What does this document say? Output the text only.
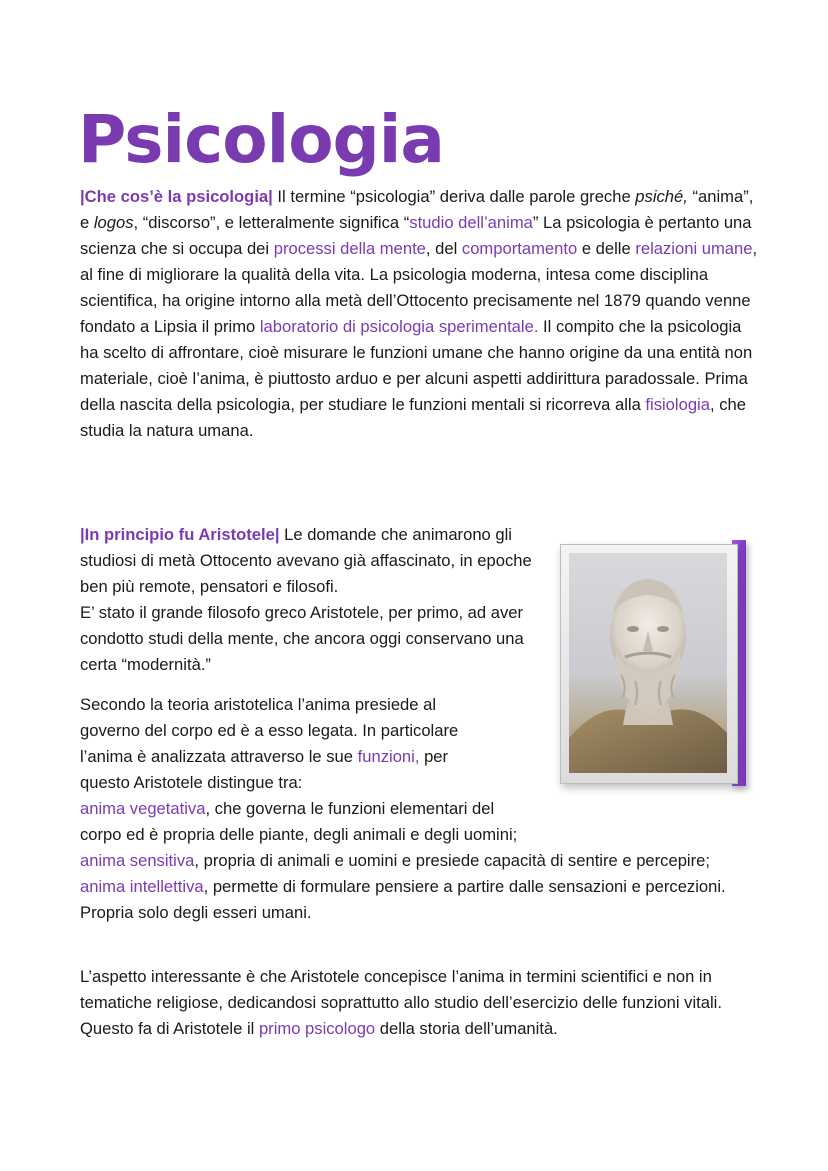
Psicologia

|Che cos’è la psicologia| Il termine “psicologia” deriva dalle parole greche psiché, “anima”, e logos, “discorso”, e letteralmente significa “studio dell’anima” La psicologia è pertanto una scienza che si occupa dei processi della mente, del comportamento e delle relazioni umane, al fine di migliorare la qualità della vita. La psicologia moderna, intesa come disciplina scientifica, ha origine intorno alla metà dell’Ottocento precisamente nel 1879 quando venne fondato a Lipsia il primo laboratorio di psicologia sperimentale. Il compito che la psicologia ha scelto di affrontare, cioè misurare le funzioni umane che hanno origine da una entità non materiale, cioè l’anima, è piuttosto arduo e per alcuni aspetti addirittura paradossale. Prima della nascita della psicologia, per studiare le funzioni mentali si ricorreva alla fisiologia, che studia la natura umana.

|In principio fu Aristotele| Le domande che animarono gli studiosi di metà Ottocento avevano già affascinato, in epoche ben più remote, pensatori e filosofi.
E’ stato il grande filosofo greco Aristotele, per primo, ad aver condotto studi della mente, che ancora oggi conservano una certa “modernità.”

Secondo la teoria aristotelica l’anima presiede al governo del corpo ed è a esso legata. In particolare l’anima è analizzata attraverso le sue funzioni, per questo Aristotele distingue tra:
anima vegetativa, che governa le funzioni elementari del corpo ed è propria delle piante, degli animali e degli uomini;
anima sensitiva, propria di animali e uomini e presiede capacità di sentire e percepire;
anima intellettiva, permette di formulare pensiere a partire dalle sensazioni e percezioni. Propria solo degli esseri umani.

L’aspetto interessante è che Aristotele concepisce l’anima in termini scientifici e non in tematiche religiose, dedicandosi soprattutto allo studio dell’esercizio delle funzioni vitali. Questo fa di Aristotele il primo psicologo della storia dell’umanità.
